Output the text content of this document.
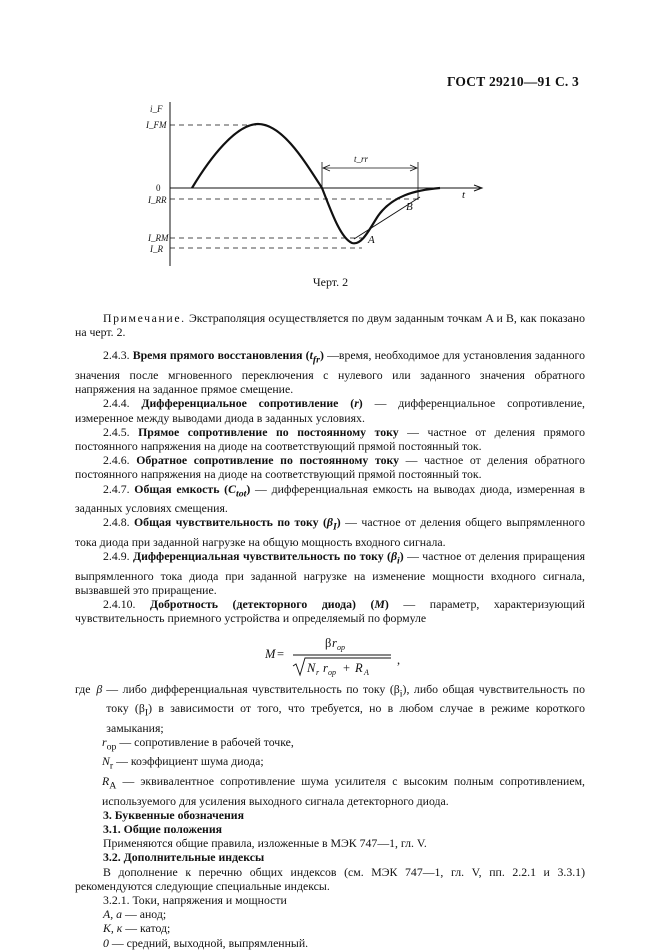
ГОСТ 29210—91 С. 3
i_F
I_FM
0
I_RR
I_RM
I_R
t_rr
t
A
B
Черт. 2

Примечание. Экстраполяция осуществляется по двум заданным точкам A и B, как показано на черт. 2.

2.4.3. Время прямого восстановления $(t_{fr})$ —время, необходимое для установления заданного значения после мгновенного переключения с нулевого или заданного значения обратного напряжения на заданное прямое смещение.

2.4.4. Дифференциальное сопротивление (r) — дифференциальное сопротивление, измеренное между выводами диода в заданных условиях.

2.4.5. Прямое сопротивление по постоянному току — частное от деления прямого постоянного напряжения на диоде на соответствующий прямой постоянный ток.

2.4.6. Обратное сопротивление по постоянному току — частное от деления обратного постоянного напряжения на диоде на соответствующий прямой постоянный ток.

2.4.7. Общая емкость $(C_{tot})$ — дифференциальная емкость на выводах диода, измеренная в заданных условиях смещения.

2.4.8. Общая чувствительность по току $(\beta_I)$ — частное от деления общего выпрямленного тока диода при заданной нагрузке на общую мощность входного сигнала.

2.4.9. Дифференциальная чувствительность по току $(\beta_i)$ — частное от деления приращения выпрямленного тока диода при заданной нагрузке на изменение мощности входного сигнала, вызвавшей это приращение.

2.4.10. Добротность (детекторного диода) (M) — параметр, характеризующий чувствительность приемного устройства и определяемый по формуле

M =
β r op
N r r op + R A
,
где β — либо дифференциальная чувствительность по току $(\beta_i)$, либо общая чувствительность по току $(\beta_I)$ в зависимости от того, что требуется, но в любом случае в режиме короткого замыкания;

$r_{op}$ — сопротивление в рабочей точке,

$N_r$ — коэффициент шума диода;

$R_A$ — эквивалентное сопротивление шума усилителя с высоким полным сопротивлением, используемого для усиления выходного сигнала детекторного диода.

3. Буквенные обозначения

3.1. Общие положения

Применяются общие правила, изложенные в МЭК 747—1, гл. V.

3.2. Дополнительные индексы

В дополнение к перечню общих индексов (см. МЭК 747—1, гл. V, пп. 2.2.1 и 3.3.1) рекомендуются следующие специальные индексы.

3.2.1. Токи, напряжения и мощности

A, a — анод;

K, к — катод;

0 — средний, выходной, выпрямленный.
